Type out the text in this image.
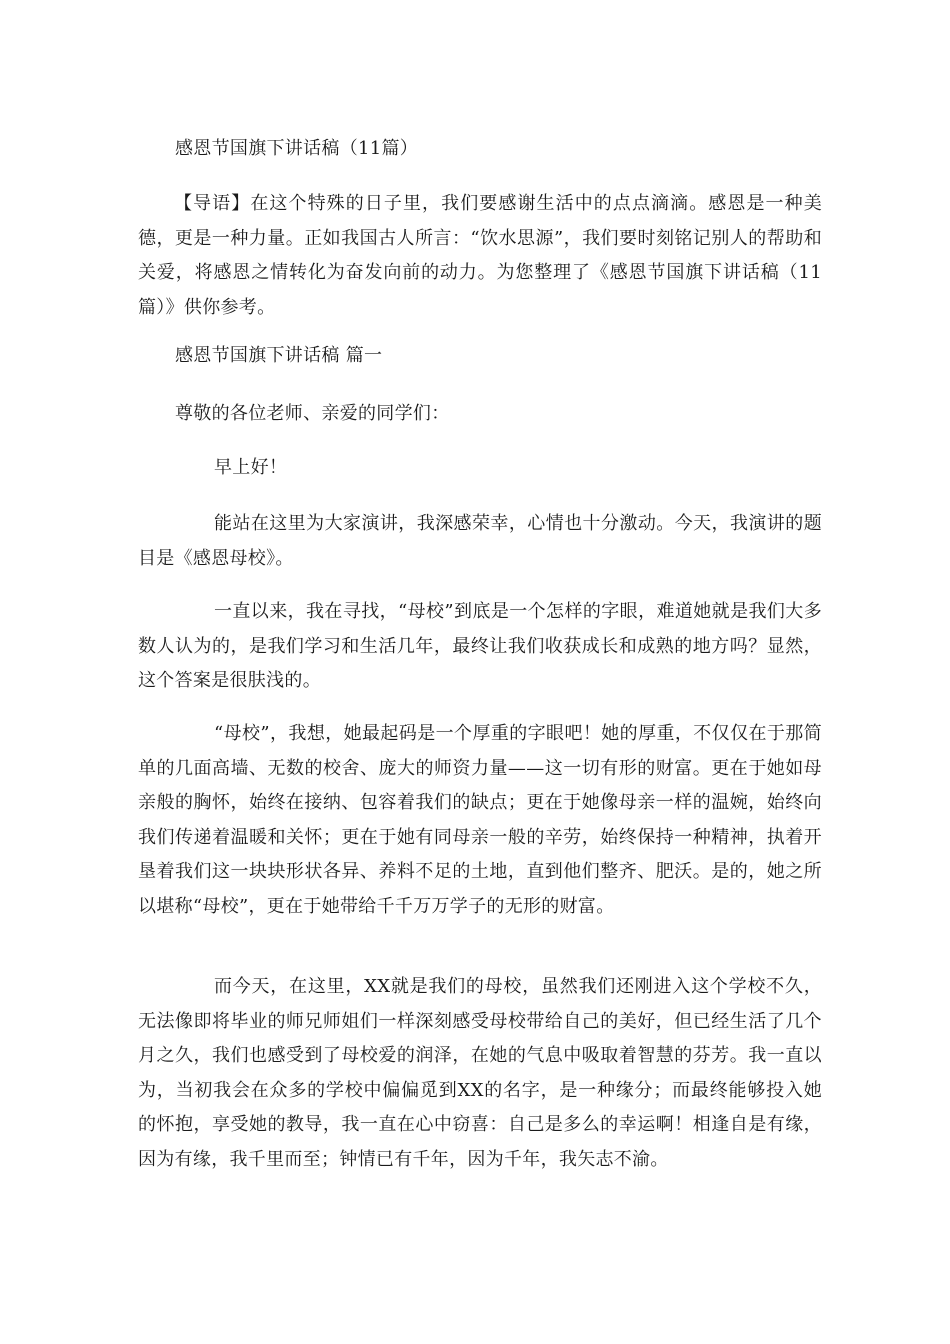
感恩节国旗下讲话稿（11篇）
【导语】在这个特殊的日子里，我们要感谢生活中的点点滴滴。感恩是一种美德，更是一种力量。正如我国古人所言：“饮水思源”，我们要时刻铭记别人的帮助和关爱，将感恩之情转化为奋发向前的动力。为您整理了《感恩节国旗下讲话稿（11篇）》供你参考。
感恩节国旗下讲话稿 篇一
尊敬的各位老师、亲爱的同学们：
早上好！
能站在这里为大家演讲，我深感荣幸，心情也十分激动。今天，我演讲的题目是《感恩母校》。
一直以来，我在寻找，“母校”到底是一个怎样的字眼，难道她就是我们大多数人认为的，是我们学习和生活几年，最终让我们收获成长和成熟的地方吗？显然，这个答案是很肤浅的。
“母校”，我想，她最起码是一个厚重的字眼吧！她的厚重，不仅仅在于那简单的几面高墙、无数的校舍、庞大的师资力量——这一切有形的财富。更在于她如母亲般的胸怀，始终在接纳、包容着我们的缺点；更在于她像母亲一样的温婉，始终向我们传递着温暖和关怀；更在于她有同母亲一般的辛劳，始终保持一种精神，执着开垦着我们这一块块形状各异、养料不足的土地，直到他们整齐、肥沃。是的，她之所以堪称“母校”，更在于她带给千千万万学子的无形的财富。
而今天，在这里，XX就是我们的母校，虽然我们还刚进入这个学校不久，无法像即将毕业的师兄师姐们一样深刻感受母校带给自己的美好，但已经生活了几个月之久，我们也感受到了母校爱的润泽，在她的气息中吸取着智慧的芬芳。我一直以为，当初我会在众多的学校中偏偏觅到XX的名字，是一种缘分；而最终能够投入她的怀抱，享受她的教导，我一直在心中窃喜：自己是多么的幸运啊！相逢自是有缘，因为有缘，我千里而至；钟情已有千年，因为千年，我矢志不渝。
